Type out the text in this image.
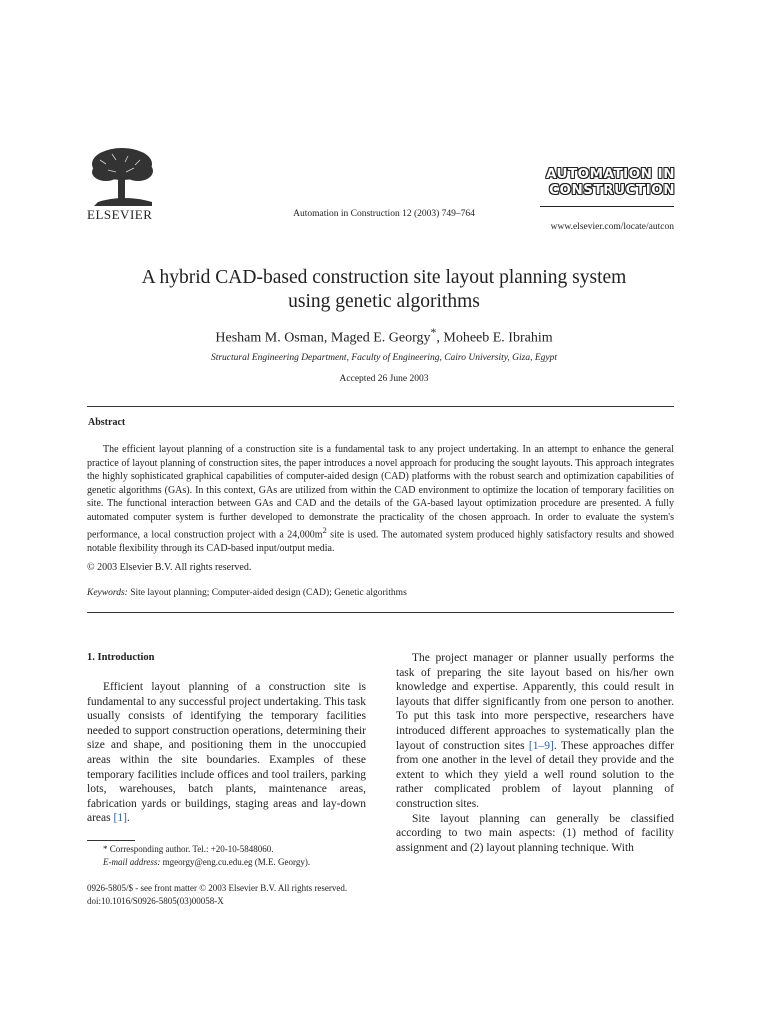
ELSEVIER	Automation in Construction 12 (2003) 749–764
AUTOMATION IN
CONSTRUCTION
www.elsevier.com/locate/autcon
A hybrid CAD-based construction site layout planning system
using genetic algorithms
Hesham M. Osman, Maged E. Georgy*, Moheeb E. Ibrahim
Structural Engineering Department, Faculty of Engineering, Cairo University, Giza, Egypt
Accepted 26 June 2003
Abstract

The efficient layout planning of a construction site is a fundamental task to any project undertaking. In an attempt to enhance the general practice of layout planning of construction sites, the paper introduces a novel approach for producing the sought layouts. This approach integrates the highly sophisticated graphical capabilities of computer-aided design (CAD) platforms with the robust search and optimization capabilities of genetic algorithms (GAs). In this context, GAs are utilized from within the CAD environment to optimize the location of temporary facilities on site. The functional interaction between GAs and CAD and the details of the GA-based layout optimization procedure are presented. A fully automated computer system is further developed to demonstrate the practicality of the chosen approach. In order to evaluate the system's performance, a local construction project with a $24,000m^2$ site is used. The automated system produced highly satisfactory results and showed notable flexibility through its CAD-based input/output media.

© 2003 Elsevier B.V. All rights reserved.
Keywords: Site layout planning; Computer-aided design (CAD); Genetic algorithms
1. Introduction

Efficient layout planning of a construction site is fundamental to any successful project undertaking. This task usually consists of identifying the temporary facilities needed to support construction operations, determining their size and shape, and positioning them in the unoccupied areas within the site boundaries. Examples of these temporary facilities include offices and tool trailers, parking lots, warehouses, batch plants, maintenance areas, fabrication yards or buildings, staging areas and lay-down areas [1].

The project manager or planner usually performs the task of preparing the site layout based on his/her own knowledge and expertise. Apparently, this could result in layouts that differ significantly from one person to another. To put this task into more perspective, researchers have introduced different approaches to systematically plan the layout of construction sites [1–9]. These approaches differ from one another in the level of detail they provide and the extent to which they yield a well round solution to the rather complicated problem of layout planning of construction sites.

Site layout planning can generally be classified according to two main aspects: (1) method of facility assignment and (2) layout planning technique. With

* Corresponding author. Tel.: +20-10-5848060.
E-mail address: mgeorgy@eng.cu.edu.eg (M.E. Georgy).
0926-5805/$ - see front matter © 2003 Elsevier B.V. All rights reserved.
doi:10.1016/S0926-5805(03)00058-X
